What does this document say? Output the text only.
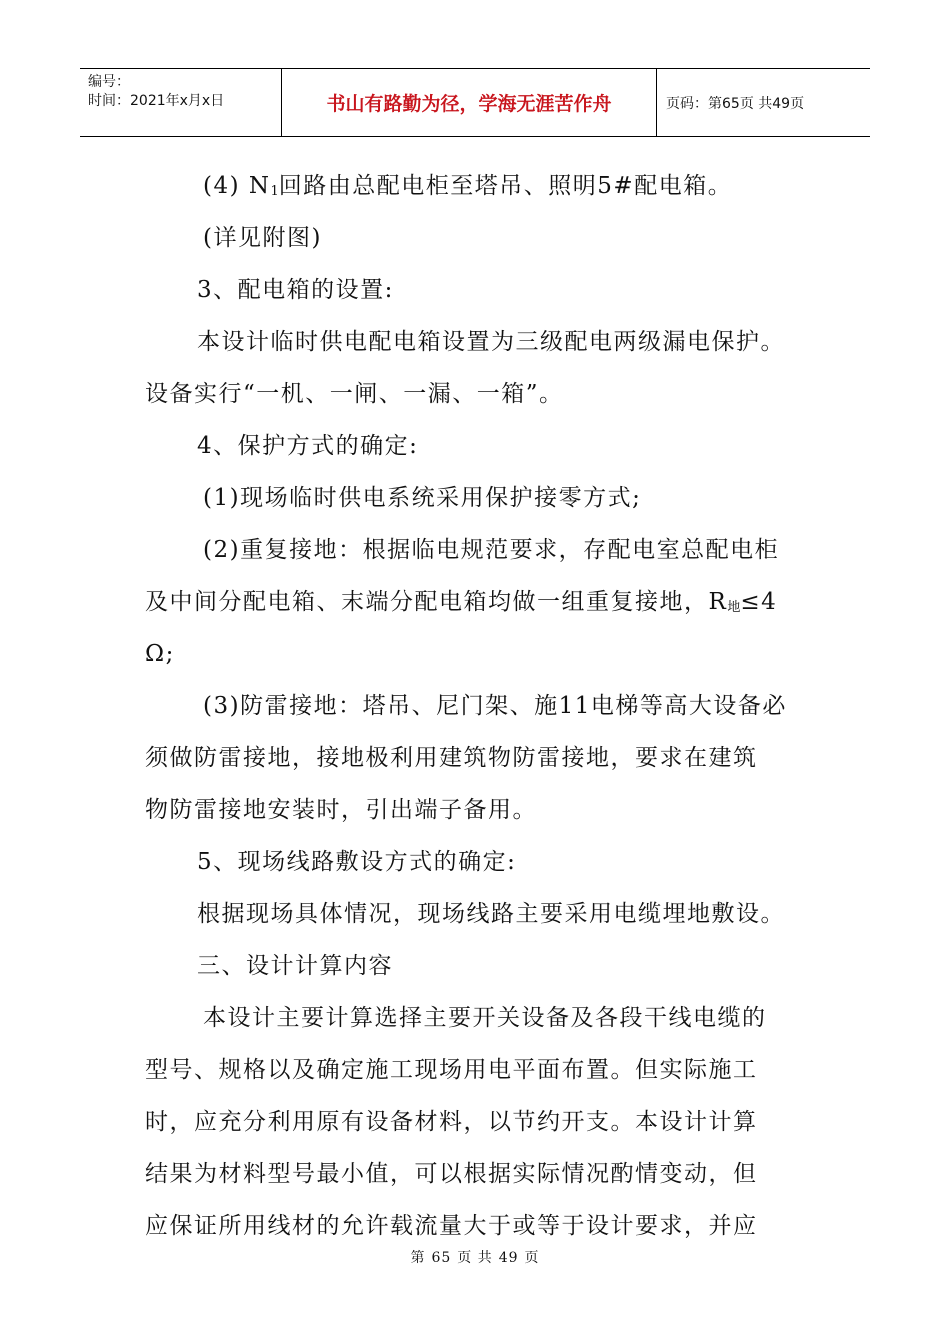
编号：
时间：2021年x月x日	书山有路勤为径，学海无涯苦作舟	页码：第65页 共49页
(4) $N_1$回路由总配电柜至塔吊、照明5#配电箱。
(详见附图)
3、配电箱的设置:
本设计临时供电配电箱设置为三级配电两级漏电保护。
设备实行“一机、一闸、一漏、一箱”。
4、保护方式的确定:
(1)现场临时供电系统采用保护接零方式;
(2)重复接地：根据临电规范要求，存配电室总配电柜
及中间分配电箱、末端分配电箱均做一组重复接地，$R_地\le 4$
Ω;
(3)防雷接地：塔吊、尼门架、施11电梯等高大设备必
须做防雷接地，接地极利用建筑物防雷接地，要求在建筑
物防雷接地安装时，引出端子备用。
5、现场线路敷设方式的确定:
根据现场具体情况，现场线路主要采用电缆埋地敷设。
三、设计计算内容
本设计主要计算选择主要开关设备及各段干线电缆的
型号、规格以及确定施工现场用电平面布置。但实际施工
时，应充分利用原有设备材料，以节约开支。本设计计算
结果为材料型号最小值，可以根据实际情况酌情变动，但
应保证所用线材的允许载流量大于或等于设计要求，并应
第 65 页 共 49 页
